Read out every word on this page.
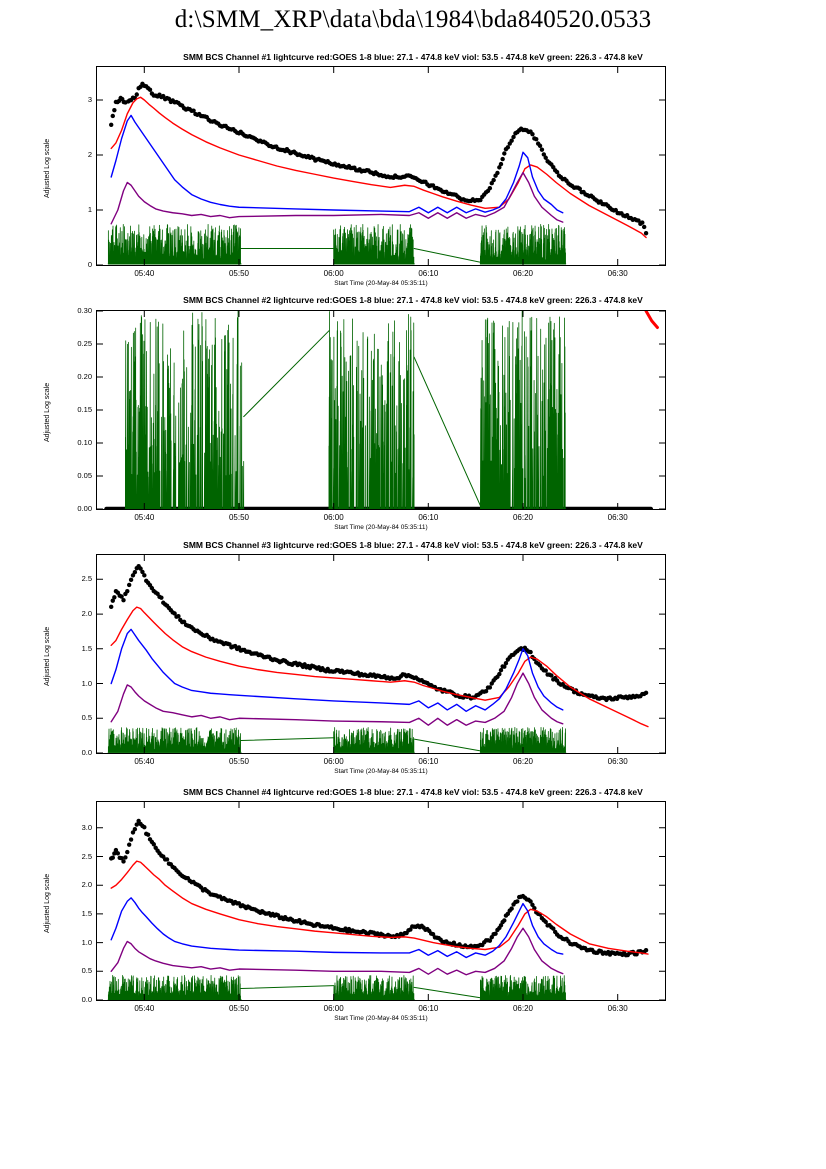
d:\SMM_XRP\data\bda\1984\bda840520.0533
SMM BCS Channel #1 lightcurve red:GOES 1-8 blue: 27.1 - 474.8 keV viol: 53.5 - 474.8 keV green: 226.3 - 474.8 keV
SMM BCS Channel #2 lightcurve red:GOES 1-8 blue: 27.1 - 474.8 keV viol: 53.5 - 474.8 keV green: 226.3 - 474.8 keV
SMM BCS Channel #3 lightcurve red:GOES 1-8 blue: 27.1 - 474.8 keV viol: 53.5 - 474.8 keV green: 226.3 - 474.8 keV
SMM BCS Channel #4 lightcurve red:GOES 1-8 blue: 27.1 - 474.8 keV viol: 53.5 - 474.8 keV green: 226.3 - 474.8 keV
0
1
2
3
05:40	05:50	06:00	06:10	06:20	06:30
Adjusted Log scale
Start Time (20-May-84 05:35:11)
0.00
0.05
0.10
0.15
0.20
0.25
0.30
05:40	05:50	06:00	06:10	06:20	06:30
Adjusted Log scale
Start Time (20-May-84 05:35:11)
0.0
0.5
1.0
1.5
2.0
2.5
05:40	05:50	06:00	06:10	06:20	06:30
Adjusted Log scale
Start Time (20-May-84 05:35:11)
0.0
0.5
1.0
1.5
2.0
2.5
3.0
05:40	05:50	06:00	06:10	06:20	06:30
Adjusted Log scale
Start Time (20-May-84 05:35:11)
